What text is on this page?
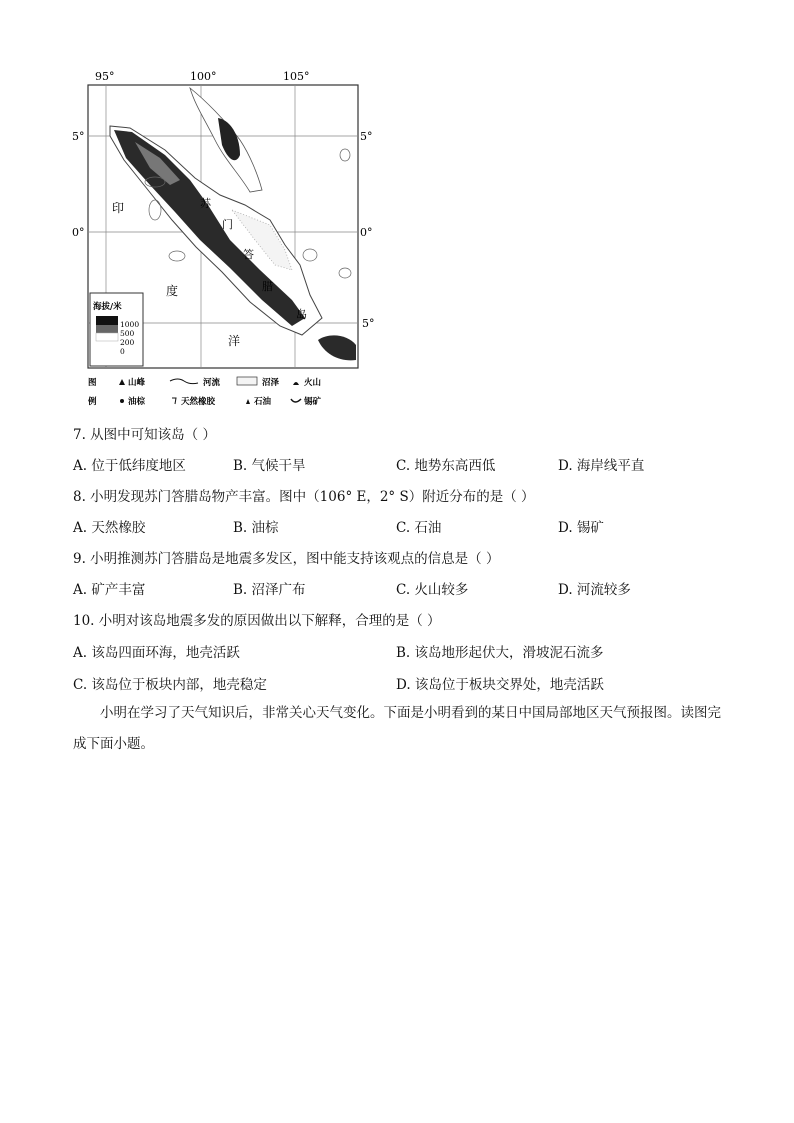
95°	100°	105°
5°
0°
5°
0°
5°
印
度
洋
苏
门
答
腊
岛
海拔/米
1000
500
200
0
图
例
山峰	河流	沼泽	火山
油棕	天然橡胶	石油	锡矿
7. 从图中可知该岛（ ）
A. 位于低纬度地区	B. 气候干旱	C. 地势东高西低	D. 海岸线平直
8. 小明发现苏门答腊岛物产丰富。图中（106° E，2° S）附近分布的是（ ）
A. 天然橡胶	B. 油棕	C. 石油	D. 锡矿
9. 小明推测苏门答腊岛是地震多发区，图中能支持该观点的信息是（ ）
A. 矿产丰富	B. 沼泽广布	C. 火山较多	D. 河流较多
10. 小明对该岛地震多发的原因做出以下解释，合理的是（ ）
A. 该岛四面环海，地壳活跃	B. 该岛地形起伏大，滑坡泥石流多
C. 该岛位于板块内部，地壳稳定	D. 该岛位于板块交界处，地壳活跃
小明在学习了天气知识后，非常关心天气变化。下面是小明看到的某日中国局部地区天气预报图。读图完成下面小题。
